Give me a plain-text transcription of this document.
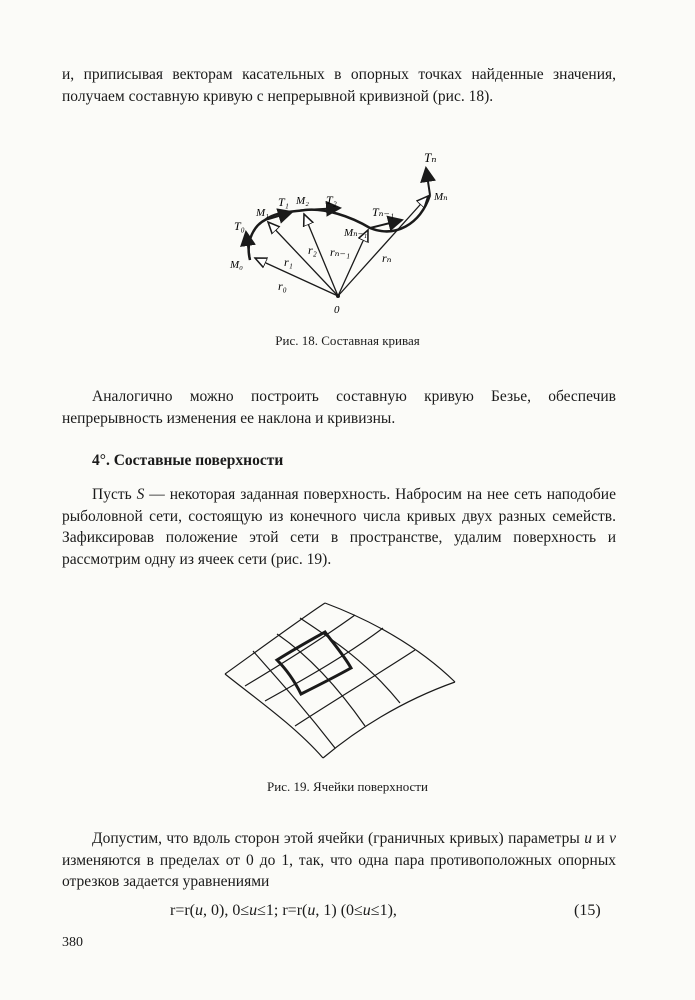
и, приписывая векторам касательных в опорных точках найденные значения, получаем составную кривую с непрерывной кривизной (рис. 18).

Tₙ
Mₙ
T₁
M₁
M₂ T₂
Tₙ₋₁
T₀	Mₙ₋₁
r₂ rₙ₋₁
r₁	rₙ
M₀
r₀
0

Рис. 18. Составная кривая

Аналогично можно построить составную кривую Безье, обеспечив непрерывность изменения ее наклона и кривизны.

4°. Составные поверхности

Пусть S — некоторая заданная поверхность. Набросим на нее сеть наподобие рыболовной сети, состоящую из конечного числа кривых двух разных семейств. Зафиксировав положение этой сети в пространстве, удалим поверхность и рассмотрим одну из ячеек сети (рис. 19).

Рис. 19. Ячейки поверхности

Допустим, что вдоль сторон этой ячейки (граничных кривых) параметры u и v изменяются в пределах от 0 до 1, так, что одна пара противоположных опорных отрезков задается уравнениями

r=r(u, 0), 0≤u≤1; r=r(u, 1) (0≤u≤1),	(15)

380
